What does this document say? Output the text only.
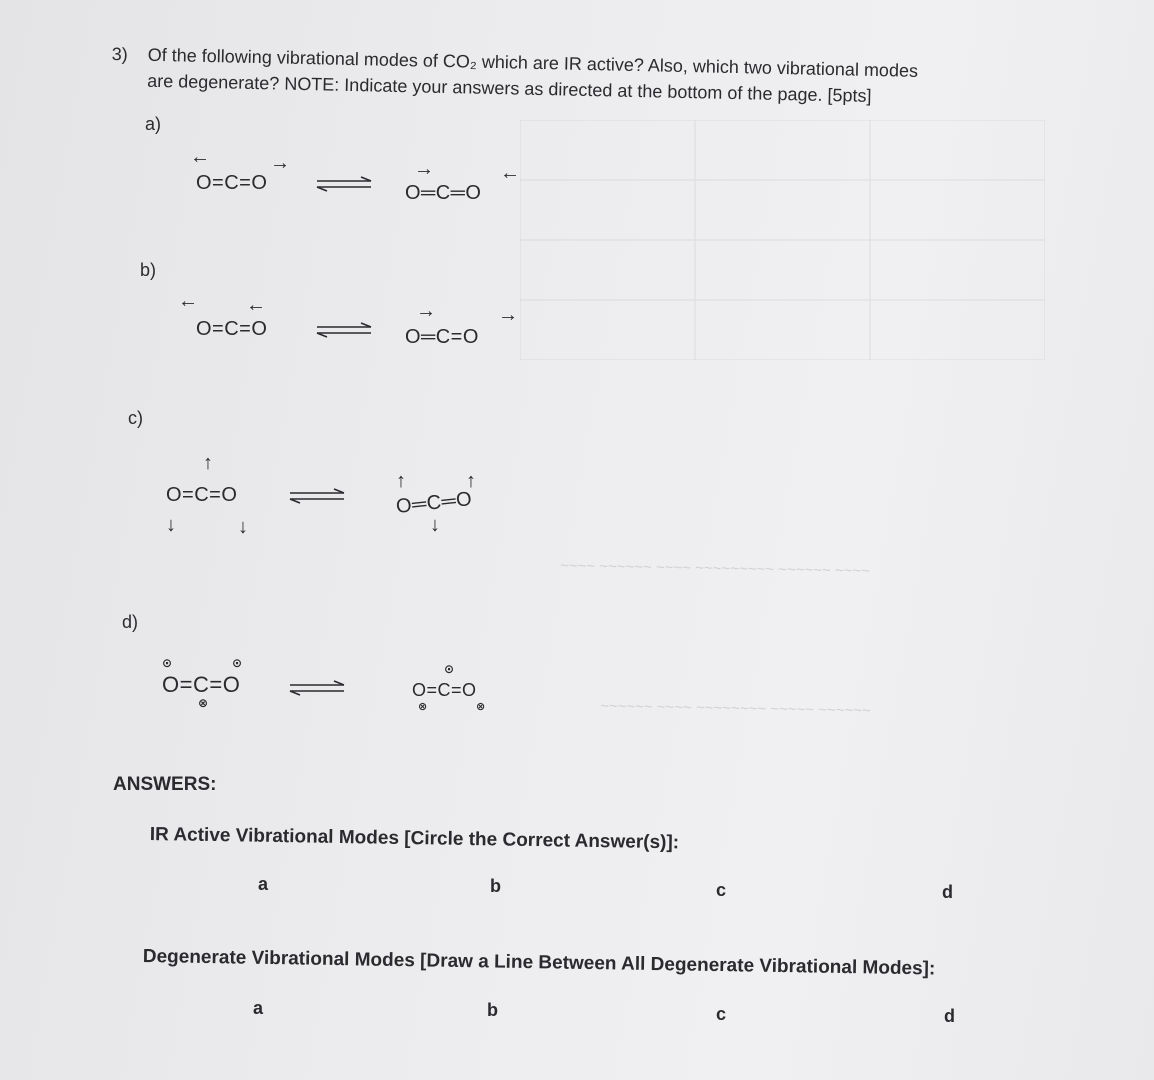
~~~~ ~~~~~~ ~~~~ ~~~~~~~~~ ~~~~~~ ~~~~
~~~~~~ ~~~~ ~~~~~~~~ ~~~~~ ~~~~~~
3) Of the following vibrational modes of CO₂ which are IR active? Also, which two vibrational modes
are degenerate? NOTE: Indicate your answers as directed at the bottom of the page. [5pts]
a)
O=C=O
←	→
O═C═O
→	←
b)
O=C=O
← ←
O═C=O
→	→
c)
↑
O=C=O
↓	↓
O═C═O
↑	↑
↓
d)
O=C=O
⊙	⊙
⊗
O=C=O
⊙
⊗	⊗
ANSWERS:
IR Active Vibrational Modes [Circle the Correct Answer(s)]:
a	b	c	d
Degenerate Vibrational Modes [Draw a Line Between All Degenerate Vibrational Modes]:
a	b	c	d
